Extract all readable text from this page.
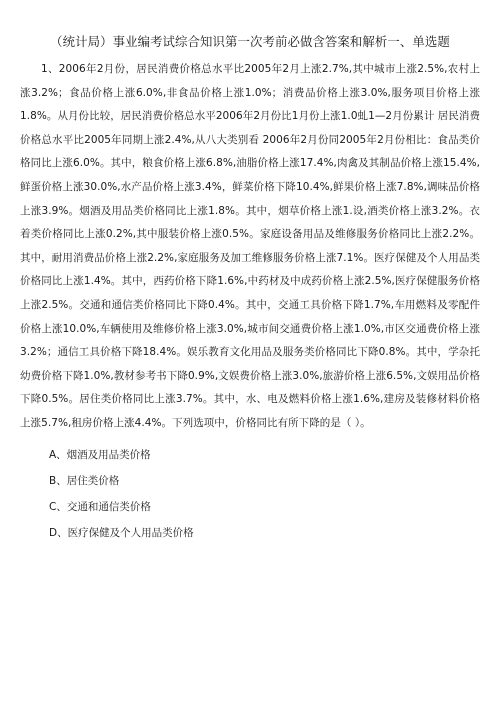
（统计局）事业编考试综合知识第一次考前必做含答案和解析一、单选题

1、2006年2月份，居民消费价格总水平比2005年2月上涨2.7%,其中城市上涨2.5%,农村上涨3.2%；食品价格上涨6.0%,非食品价格上涨1.0%；消费品价格上涨3.0%,服务项目价格上涨1.8%。从月份比较，居民消费价格总水平2006年2月份比1月份上涨1.0虬1—2月份累计 居民消费价格总水平比2005年同期上涨2.4%,从八大类别看 2006年2月份同2005年2月份相比：食品类价格同比上涨6.0%。其中，粮食价格上涨6.8%,油脂价格上涨17.4%,肉禽及其制品价格上涨15.4%,鲜蛋价格上涨30.0%,水产品价格上涨3.4%，鲜菜价格下降10.4%,鲜果价格上涨7.8%,调味品价格上涨3.9%。烟酒及用品类价格同比上涨1.8%。其中，烟草价格上涨1.设,酒类价格上涨3.2%。衣着类价格同比上涨0.2%,其中服装价格上涨0.5%。家庭设备用品及维修服务价格同比上涨2.2%。其中，耐用消费品价格上涨2.2%,家庭服务及加工维修服务价格上涨7.1%。医疗保健及个人用品类价格同比上涨1.4%。其中，西药价格下降1.6%,中药材及中成药价格上涨2.5%,医疗保健服务价格上涨2.5%。交通和通信类价格同比下降0.4%。其中，交通工具价格下降1.7%,车用燃料及零配件价格上涨10.0%,车辆使用及维修价格上涨3.0%,城市间交通费价格上涨1.0%,市区交通费价格上涨3.2%；通信工具价格下降18.4%。娱乐教育文化用品及服务类价格同比下降0.8%。其中，学杂托幼费价格下降1.0%,教材参考书下降0.9%,文娱费价格上涨3.0%,旅游价格上涨6.5%,文娱用品价格下降0.5%。居住类价格同比上涨3.7%。其中，水、电及燃料价格上涨1.6%,建房及装修材料价格上涨5.7%,租房价格上涨4.4%。下列选项中，价格同比有所下降的是（ ）。

A、烟酒及用品类价格
B、居住类价格
C、交通和通信类价格
D、医疗保健及个人用品类价格
